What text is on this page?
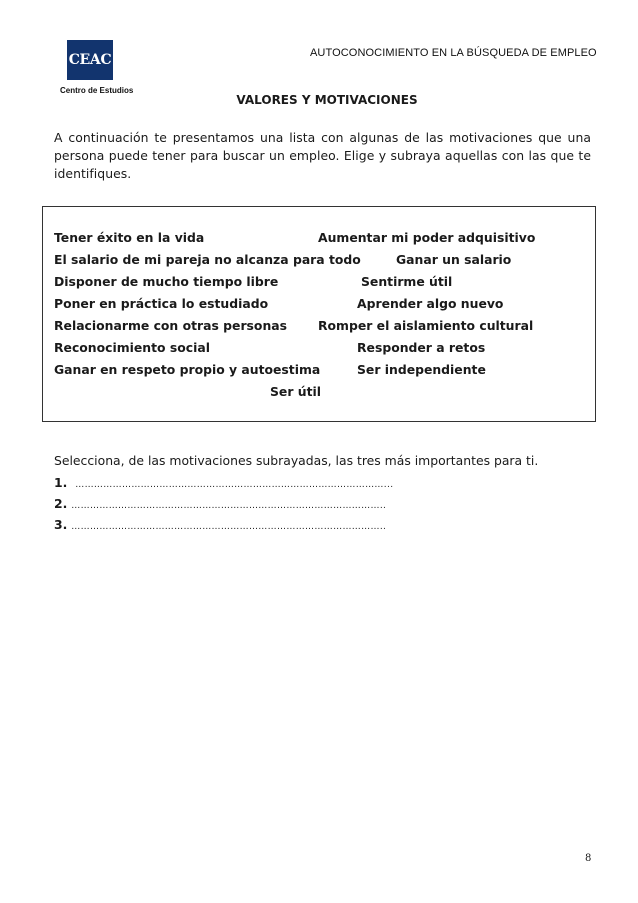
CEAC
Centro de Estudios
AUTOCONOCIMIENTO EN LA BÚSQUEDA DE EMPLEO
VALORES Y MOTIVACIONES
A continuación te presentamos una lista con algunas de las motivaciones que una persona puede tener para buscar un empleo. Elige y subraya aquellas con las que te identifiques.
Tener éxito en la vida	Aumentar mi poder adquisitivo
El salario de mi pareja no alcanza para todo	Ganar un salario
Disponer de mucho tiempo libre	Sentirme útil
Poner en práctica lo estudiado	Aprender algo nuevo
Relacionarme con otras personas	Romper el aislamiento cultural
Reconocimiento social	Responder a retos
Ganar en respeto propio y autoestima	Ser independiente
Ser útil
Selecciona, de las motivaciones subrayadas, las tres más importantes para ti.
1. ………………………………………………………………………………………...
2. ………………………………………………………………………………………..
3. ………………………………………………………………………………………..
8
